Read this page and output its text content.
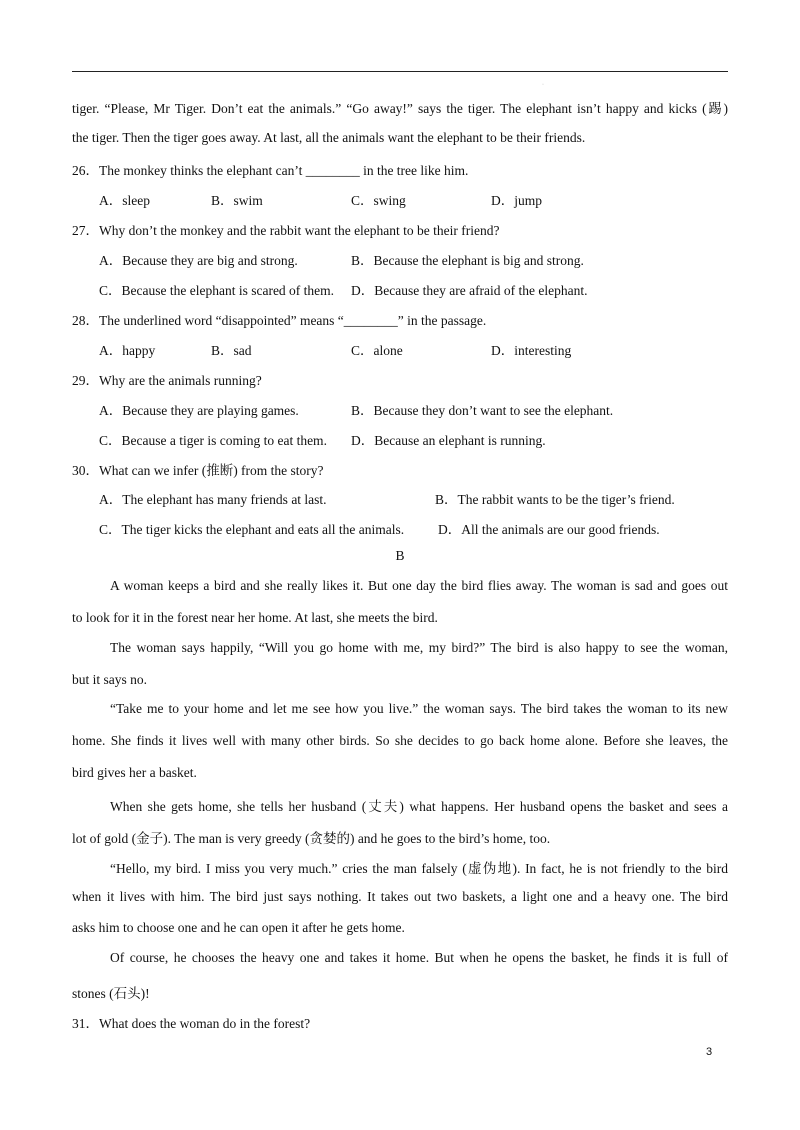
·
tiger. “Please, Mr Tiger. Don’t eat the animals.” “Go away!” says the tiger. The elephant isn’t happy and kicks (踢)
the tiger. Then the tiger goes away. At last, all the animals want the elephant to be their friends.
26．The monkey thinks the elephant can’t ________ in the tree like him.
A．sleep	B．swim	C．swing	D．jump
27．Why don’t the monkey and the rabbit want the elephant to be their friend?
A．Because they are big and strong.	B．Because the elephant is big and strong.
C．Because the elephant is scared of them. D．Because they are afraid of the elephant.
28．The underlined word “disappointed” means “________” in the passage.
A．happy	B．sad	C．alone	D．interesting
29．Why are the animals running?
A．Because they are playing games.	B．Because they don’t want to see the elephant.
C．Because a tiger is coming to eat them. D．Because an elephant is running.
30．What can we infer (推断) from the story?
A．The elephant has many friends at last.	B．The rabbit wants to be the tiger’s friend.
C．The tiger kicks the elephant and eats all the animals.	D．All the animals are our good friends.
B
A woman keeps a bird and she really likes it. But one day the bird flies away. The woman is sad and goes out
to look for it in the forest near her home. At last, she meets the bird.
The woman says happily, “Will you go home with me, my bird?” The bird is also happy to see the woman,
but it says no.
“Take me to your home and let me see how you live.” the woman says. The bird takes the woman to its new
home. She finds it lives well with many other birds. So she decides to go back home alone. Before she leaves, the
bird gives her a basket.
When she gets home, she tells her husband (丈夫) what happens. Her husband opens the basket and sees a
lot of gold (金子). The man is very greedy (贪婪的) and he goes to the bird’s home, too.
“Hello, my bird. I miss you very much.” cries the man falsely (虚伪地). In fact, he is not friendly to the bird
when it lives with him. The bird just says nothing. It takes out two baskets, a light one and a heavy one. The bird
asks him to choose one and he can open it after he gets home.
Of course, he chooses the heavy one and takes it home. But when he opens the basket, he finds it is full of
stones (石头)!
31．What does the woman do in the forest?
3
